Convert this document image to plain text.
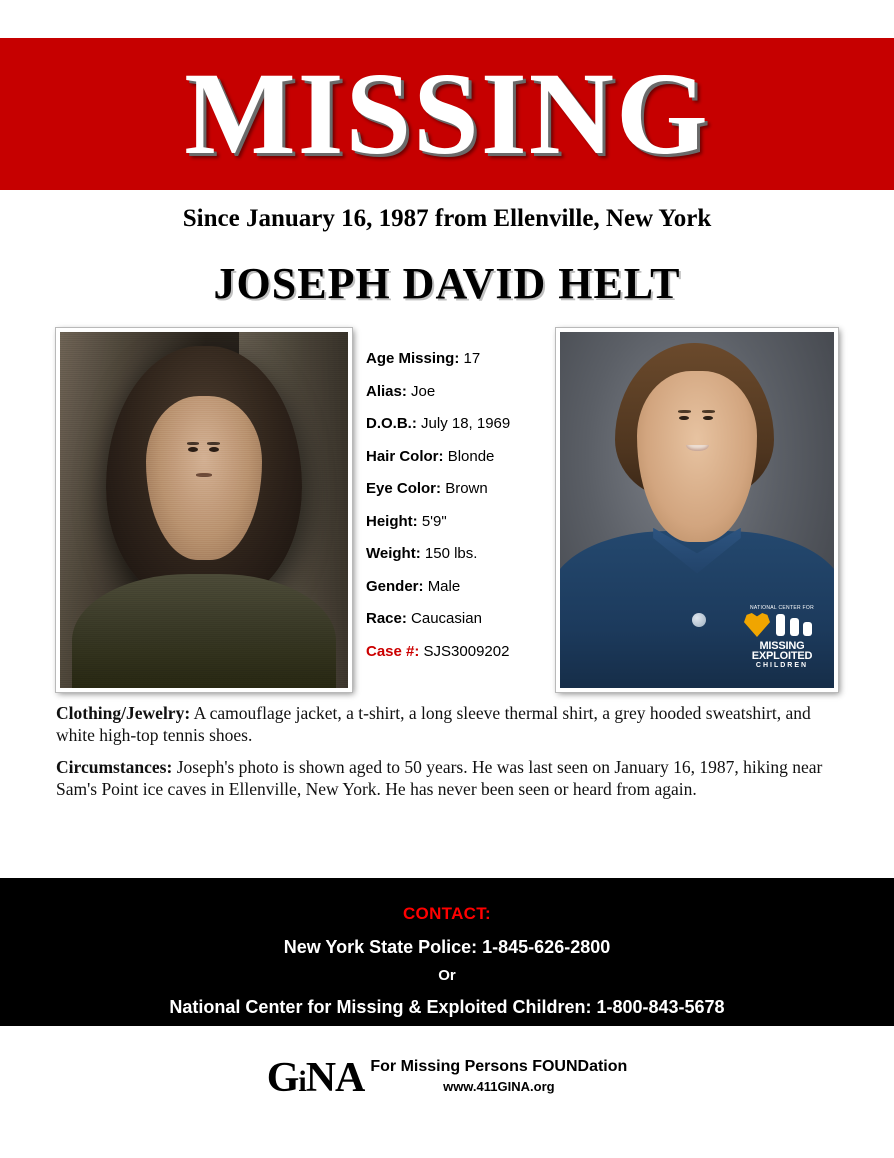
MISSING
Since January 16, 1987 from Ellenville, New York
JOSEPH DAVID HELT
NATIONAL CENTER FOR
MISSING
EXPLOITED
CHILDREN
Age Missing: 17
Alias: Joe
D.O.B.: July 18, 1969
Hair Color: Blonde
Eye Color: Brown
Height: 5'9"
Weight: 150 lbs.
Gender: Male
Race: Caucasian
Case #: SJS3009202

Clothing/Jewelry: A camouflage jacket, a t-shirt, a long sleeve thermal shirt, a grey hooded sweatshirt, and white high-top tennis shoes.

Circumstances: Joseph's photo is shown aged to 50 years. He was last seen on January 16, 1987, hiking near Sam's Point ice caves in Ellenville, New York. He has never been seen or heard from again.

CONTACT:
New York State Police: 1-845-626-2800
Or
National Center for Missing & Exploited Children: 1-800-843-5678
GiNA For Missing Persons FOUNDation
www.411GINA.org
